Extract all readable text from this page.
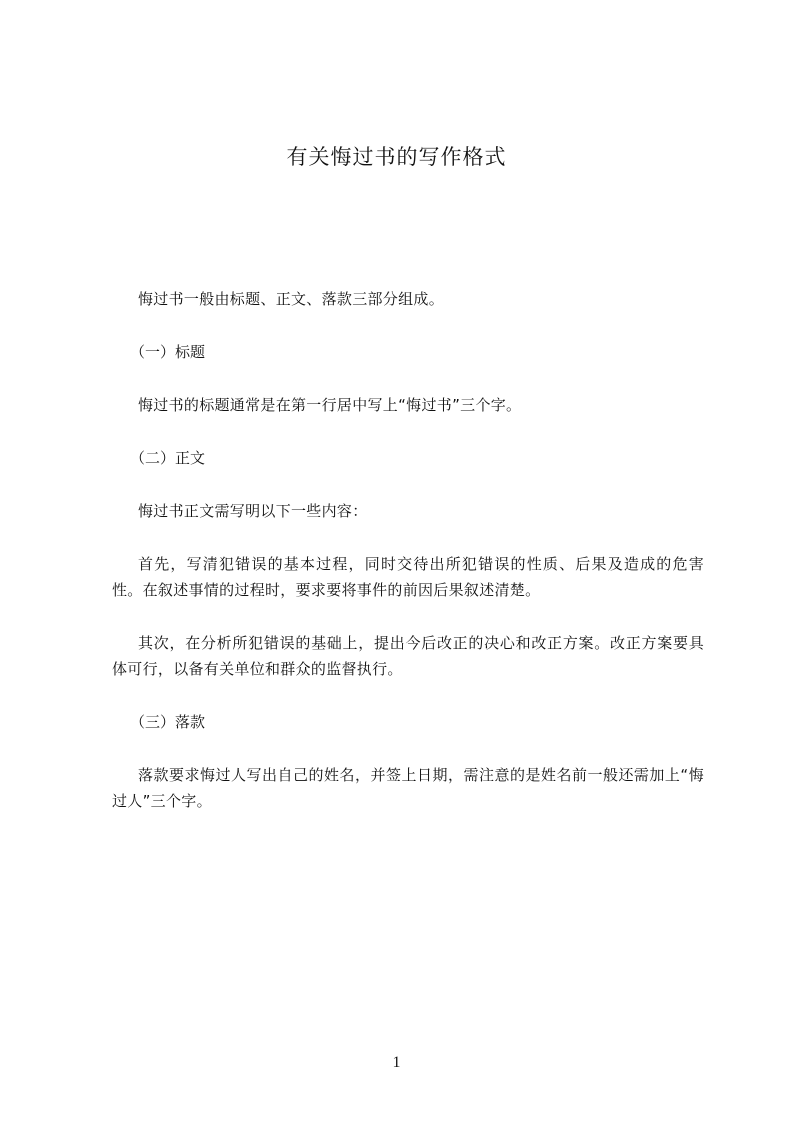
有关悔过书的写作格式

悔过书一般由标题、正文、落款三部分组成。

（一）标题

悔过书的标题通常是在第一行居中写上“悔过书”三个字。

（二）正文

悔过书正文需写明以下一些内容：

首先，写清犯错误的基本过程，同时交待出所犯错误的性质、后果及造成的危害性。在叙述事情的过程时，要求要将事件的前因后果叙述清楚。

其次，在分析所犯错误的基础上，提出今后改正的决心和改正方案。改正方案要具体可行，以备有关单位和群众的监督执行。

（三）落款

落款要求悔过人写出自己的姓名，并签上日期，需注意的是姓名前一般还需加上“悔过人”三个字。

1
